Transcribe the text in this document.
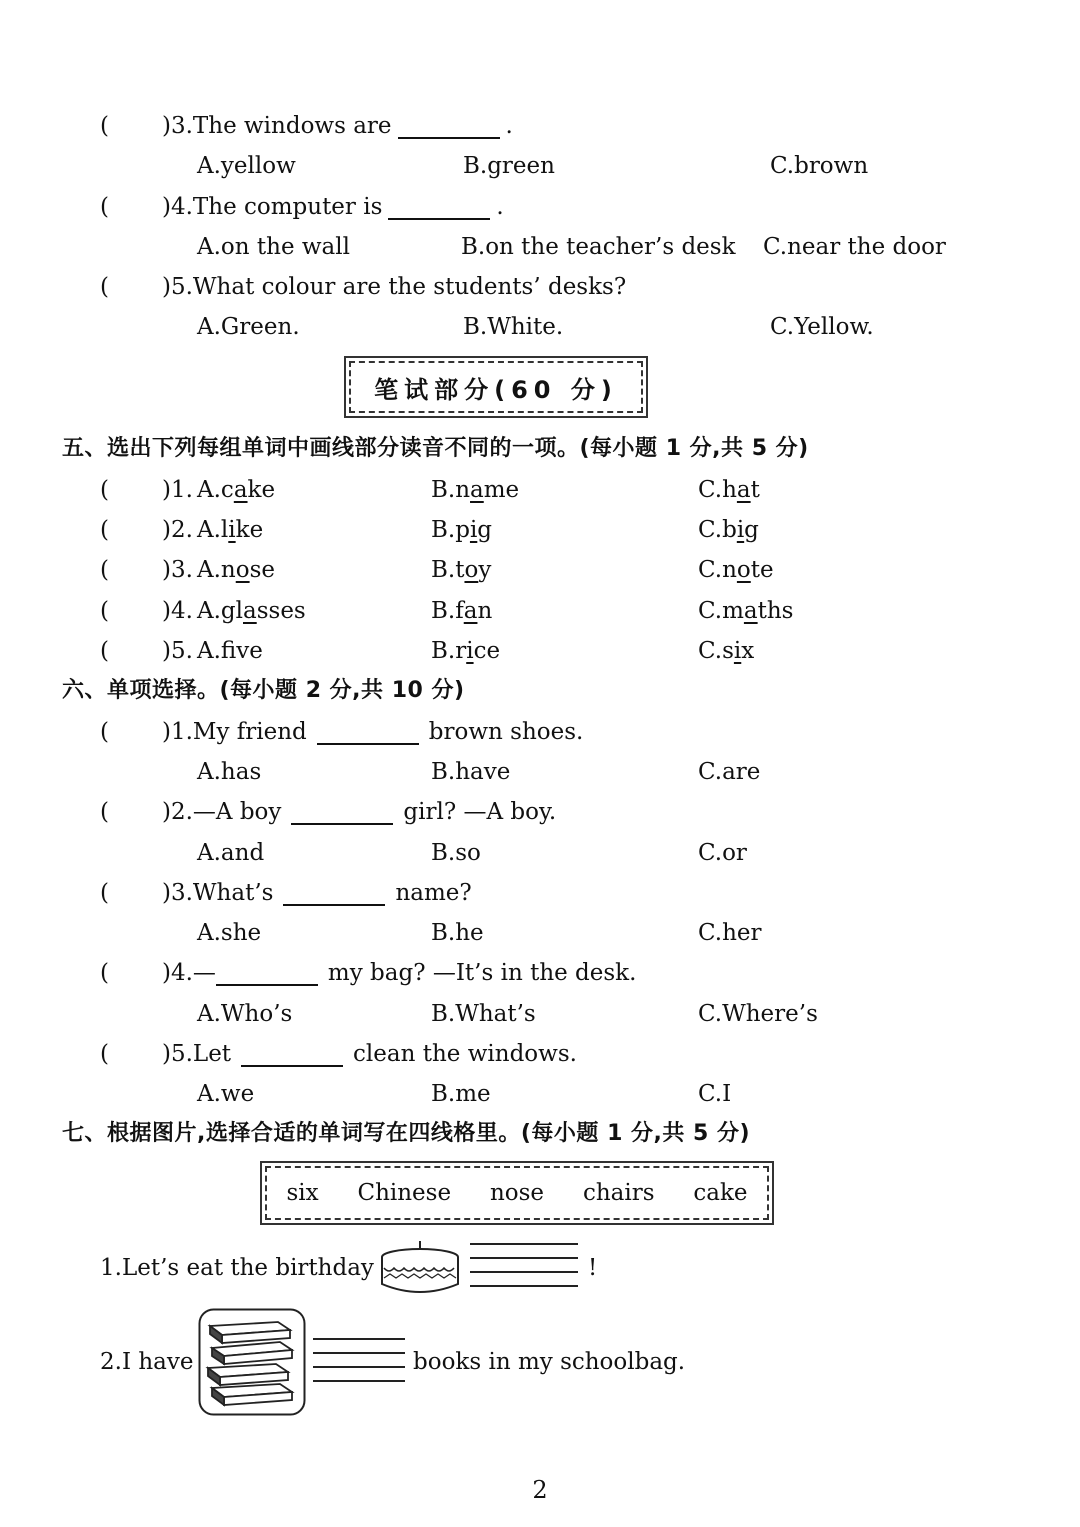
( )3.The windows are	.
A.yellow	B.green	C.brown
( )4.The computer is	.
A.on the wall	B.on the teacher’s desk C.near the door
( )5.What colour are the students’ desks?
A.Green.	B.White.	C.Yellow.
笔试部分(60 分)
五、选出下列每组单词中画线部分读音不同的一项。(每小题 1 分,共 5 分)
( )1. A.cake	B.name	C.hat
( )2. A.like	B.pig	C.big
( )3. A.nose	B.toy	C.note
( )4. A.glasses	B.fan	C.maths
( )5. A.fve	B.rice	C.six
六、单项选择。(每小题 2 分,共 10 分)
( )1.My friend	brown shoes.
A.has	B.have	C.are
( )2.—A boy	girl? —A boy.
A.and	B.so	C.or
( )3.What’s	name?
A.she	B.he	C.her
( )4.—	my bag? —It’s in the desk.
A.Who’s	B.What’s	C.Where’s
( )5.Let	clean the windows.
A.we	B.me	C.I
七、根据图片,选择合适的单词写在四线格里。(每小题 1 分,共 5 分)
six Chinese nose chairs cake
1.Let’s eat the birthday	!
2.I have	books in my schoolbag.
2
